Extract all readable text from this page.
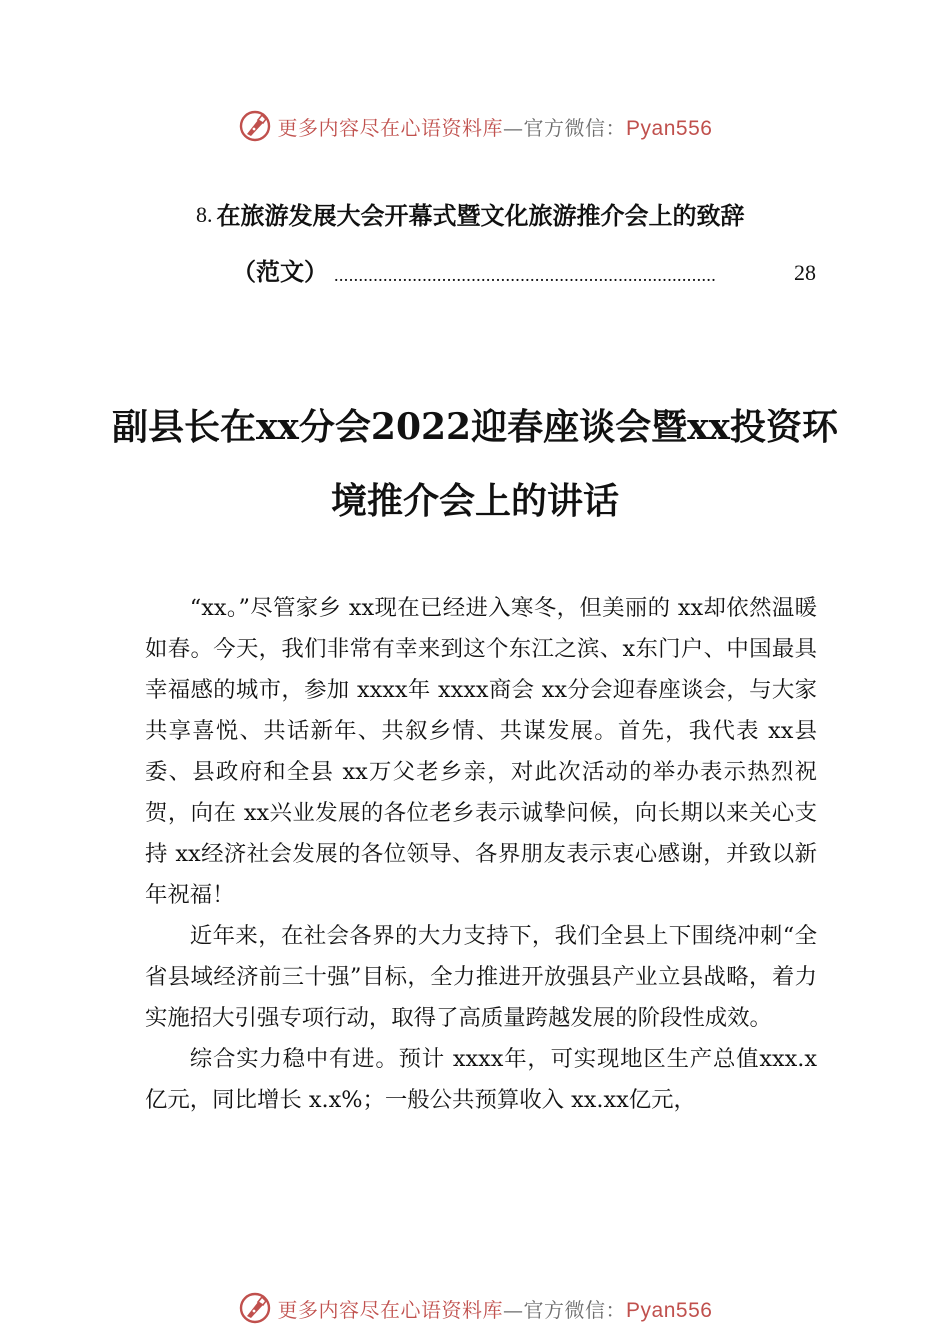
更多内容尽在心语资料库—官方微信：Pyan556
8. 在旅游发展大会开幕式暨文化旅游推介会上的致辞
（范文） ..............................................................................	28
副县长在xx分会2022迎春座谈会暨xx投资环境推介会上的讲话

“xx。”尽管家乡 xx现在已经进入寒冬，但美丽的 xx却依然温暖如春。今天，我们非常有幸来到这个东江之滨、x东门户、中国最具幸福感的城市，参加 xxxx年 xxxx商会 xx分会迎春座谈会，与大家共享喜悦、共话新年、共叙乡情、共谋发展。首先，我代表 xx县委、县政府和全县 xx万父老乡亲，对此次活动的举办表示热烈祝贺，向在 xx兴业发展的各位老乡表示诚挚问候，向长期以来关心支持 xx经济社会发展的各位领导、各界朋友表示衷心感谢，并致以新年祝福！

近年来，在社会各界的大力支持下，我们全县上下围绕冲刺“全省县域经济前三十强”目标，全力推进开放强县产业立县战略，着力实施招大引强专项行动，取得了高质量跨越发展的阶段性成效。

综合实力稳中有进。预计 xxxx年，可实现地区生产总值xxx.x亿元，同比增长 x.x%；一般公共预算收入 xx.xx亿元，

更多内容尽在心语资料库—官方微信：Pyan556
